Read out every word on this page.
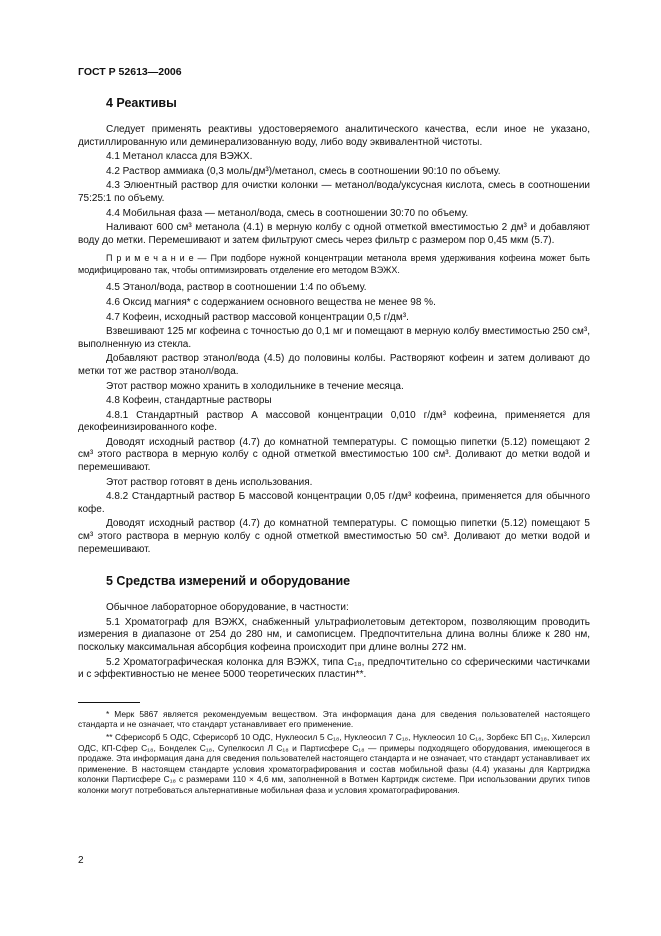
ГОСТ Р 52613—2006
4 Реактивы

Следует применять реактивы удостоверяемого аналитического качества, если иное не указано, дистиллированную или деминерализованную воду, либо воду эквивалентной чистоты.

4.1 Метанол класса для ВЭЖХ.

4.2 Раствор аммиака (0,3 моль/дм³)/метанол, смесь в соотношении 90:10 по объему.

4.3 Элюентный раствор для очистки колонки — метанол/вода/уксусная кислота, смесь в соотношении 75:25:1 по объему.

4.4 Мобильная фаза — метанол/вода, смесь в соотношении 30:70 по объему.

Наливают 600 см³ метанола (4.1) в мерную колбу с одной отметкой вместимостью 2 дм³ и добавляют воду до метки. Перемешивают и затем фильтруют смесь через фильтр с размером пор 0,45 мкм (5.7).

П р и м е ч а н и е — При подборе нужной концентрации метанола время удерживания кофеина может быть модифицировано так, чтобы оптимизировать отделение его методом ВЭЖХ.

4.5 Этанол/вода, раствор в соотношении 1:4 по объему.

4.6 Оксид магния* с содержанием основного вещества не менее 98 %.

4.7 Кофеин, исходный раствор массовой концентрации 0,5 г/дм³.

Взвешивают 125 мг кофеина с точностью до 0,1 мг и помещают в мерную колбу вместимостью 250 см³, выполненную из стекла.

Добавляют раствор этанол/вода (4.5) до половины колбы. Растворяют кофеин и затем доливают до метки тот же раствор этанол/вода.

Этот раствор можно хранить в холодильнике в течение месяца.

4.8 Кофеин, стандартные растворы

4.8.1 Стандартный раствор А массовой концентрации 0,010 г/дм³ кофеина, применяется для декофеинизированного кофе.

Доводят исходный раствор (4.7) до комнатной температуры. С помощью пипетки (5.12) помещают 2 см³ этого раствора в мерную колбу с одной отметкой вместимостью 100 см³. Доливают до метки водой и перемешивают.

Этот раствор готовят в день использования.

4.8.2 Стандартный раствор Б массовой концентрации 0,05 г/дм³ кофеина, применяется для обычного кофе.

Доводят исходный раствор (4.7) до комнатной температуры. С помощью пипетки (5.12) помещают 5 см³ этого раствора в мерную колбу с одной отметкой вместимостью 50 см³. Доливают до метки водой и перемешивают.

5 Средства измерений и оборудование

Обычное лабораторное оборудование, в частности:

5.1 Хроматограф для ВЭЖХ, снабженный ультрафиолетовым детектором, позволяющим проводить измерения в диапазоне от 254 до 280 нм, и самописцем. Предпочтительна длина волны ближе к 280 нм, поскольку максимальная абсорбция кофеина происходит при длине волны 272 нм.

5.2 Хроматографическая колонка для ВЭЖХ, типа C₁₈, предпочтительно со сферическими частичками и с эффективностью не менее 5000 теоретических пластин**.

* Мерк 5867 является рекомендуемым веществом. Эта информация дана для сведения пользователей настоящего стандарта и не означает, что стандарт устанавливает его применение.

** Сферисорб 5 ОДС, Сферисорб 10 ОДС, Нуклеосил 5 C₁₈, Нуклеосил 7 C₁₈, Нуклеосил 10 C₁₈, Зорбекс БП C₁₈, Хилерсил ОДС, КП-Сфер C₁₈, Бонделек C₁₈, Супелкосил Л C₁₈ и Партисфере C₁₈ — примеры подходящего оборудования, имеющегося в продаже. Эта информация дана для сведения пользователей настоящего стандарта и не означает, что стандарт устанавливает их применение. В настоящем стандарте условия хроматографирования и состав мобильной фазы (4.4) указаны для Картриджа колонки Партисфере C₁₈ с размерами 110 × 4,6 мм, заполненной в Вотмен Картридж системе. При использовании других типов колонки могут потребоваться альтернативные мобильная фаза и условия хроматографирования.

2
